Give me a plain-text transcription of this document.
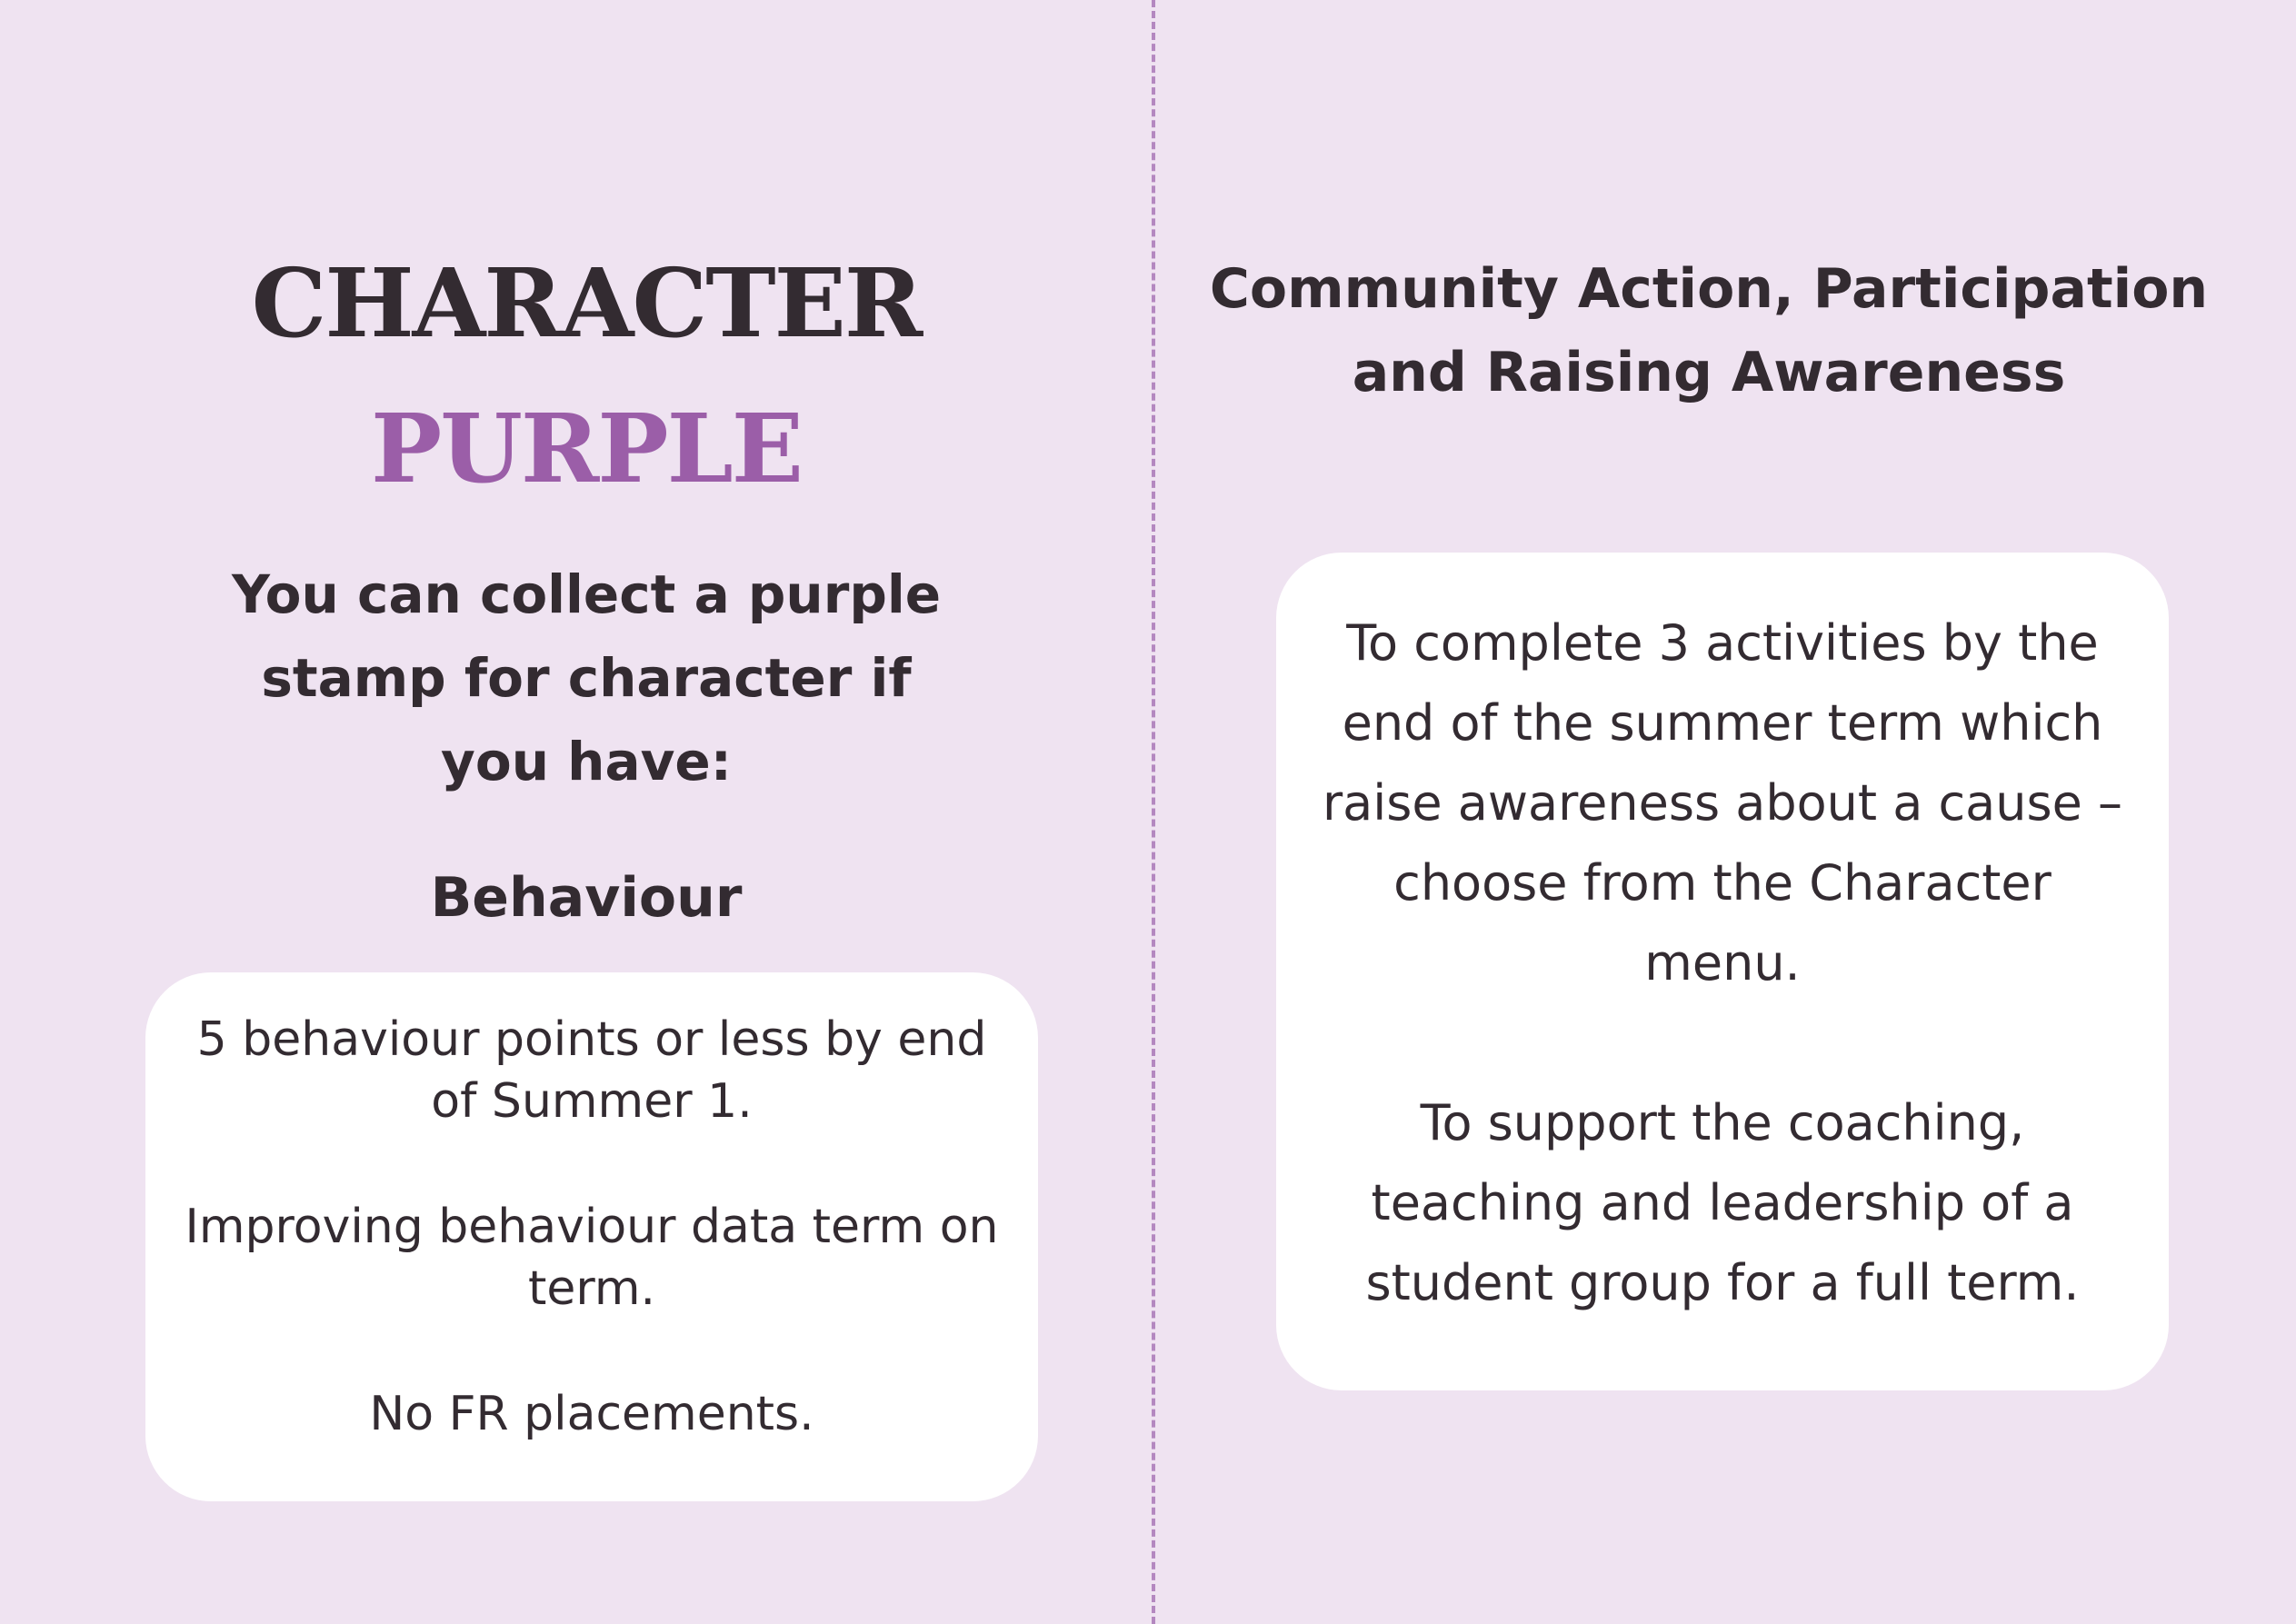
CHARACTER
PURPLE
You can collect a purple stamp for character if you have:
Behaviour

5 behaviour points or less by end of Summer 1.

Improving behaviour data term on term.

No FR placements.

Community Action, Participation and Raising Awareness

To complete 3 activities by the end of the summer term which raise awareness about a cause – choose from the Character menu.

To support the coaching, teaching and leadership of a student group for a full term.
